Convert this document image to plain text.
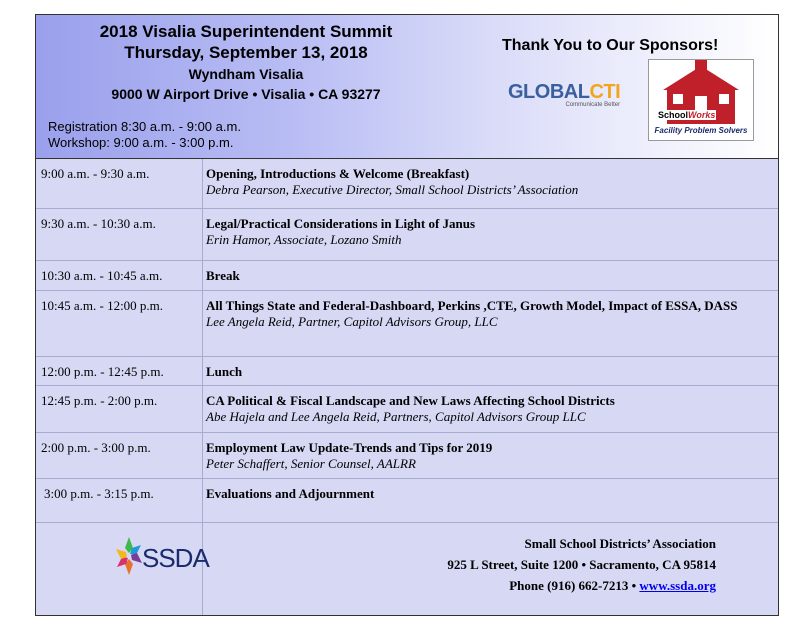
2018 Visalia Superintendent Summit
Thursday, September 13, 2018
Wyndham Visalia
9000 W Airport Drive • Visalia • CA 93277
Registration 8:30 a.m. - 9:00 a.m.
Workshop: 9:00 a.m. - 3:00 p.m.
Thank You to Our Sponsors!
GLOBALCTI
Communicate Better
SchoolWorks
Facility Problem Solvers
9:00 a.m. - 9:30 a.m.	Opening, Introductions & Welcome (Breakfast)
Debra Pearson, Executive Director, Small School Districts’ Association
9:30 a.m. - 10:30 a.m.	Legal/Practical Considerations in Light of Janus
Erin Hamor, Associate, Lozano Smith
10:30 a.m. - 10:45 a.m.	Break
10:45 a.m. - 12:00 p.m.	All Things State and Federal-Dashboard, Perkins ,CTE, Growth Model, Impact of ESSA, DASS
Lee Angela Reid, Partner, Capitol Advisors Group, LLC
12:00 p.m. - 12:45 p.m.	Lunch
12:45 p.m. - 2:00 p.m.	CA Political & Fiscal Landscape and New Laws Affecting School Districts
Abe Hajela and Lee Angela Reid, Partners, Capitol Advisors Group LLC
2:00 p.m. - 3:00 p.m.	Employment Law Update-Trends and Tips for 2019
Peter Schaffert, Senior Counsel, AALRR
3:00 p.m. - 3:15 p.m.	Evaluations and Adjournment
SSDA	Small School Districts’ Association
925 L Street, Suite 1200 • Sacramento, CA 95814
Phone (916) 662-7213 • www.ssda.org
